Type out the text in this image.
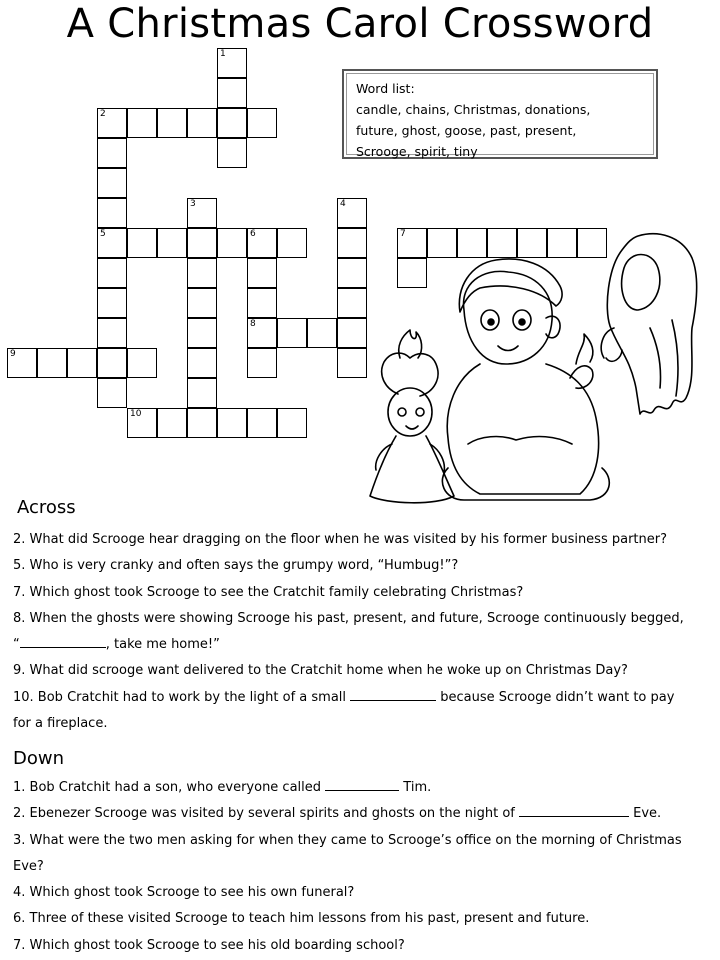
A Christmas Carol Crossword
1
2
3	4
5	6	7
8
9
10
Word list:
candle, chains, Christmas, donations,
future, ghost, goose, past, present,
Scrooge, spirit, tiny
Across
2. What did Scrooge hear dragging on the floor when he was visited by his former business partner?
5. Who is very cranky and often says the grumpy word, “Humbug!”?
7. Which ghost took Scrooge to see the Cratchit family celebrating Christmas?
8. When the ghosts were showing Scrooge his past, present, and future, Scrooge continuously begged,
“	, take me home!”
9. What did scrooge want delivered to the Cratchit home when he woke up on Christmas Day?
10. Bob Cratchit had to work by the light of a small	because Scrooge didn’t want to pay
for a fireplace.
Down
1. Bob Cratchit had a son, who everyone called	Tim.
2. Ebenezer Scrooge was visited by several spirits and ghosts on the night of	Eve.
3. What were the two men asking for when they came to Scrooge’s office on the morning of Christmas
Eve?
4. Which ghost took Scrooge to see his own funeral?
6. Three of these visited Scrooge to teach him lessons from his past, present and future.
7. Which ghost took Scrooge to see his old boarding school?
